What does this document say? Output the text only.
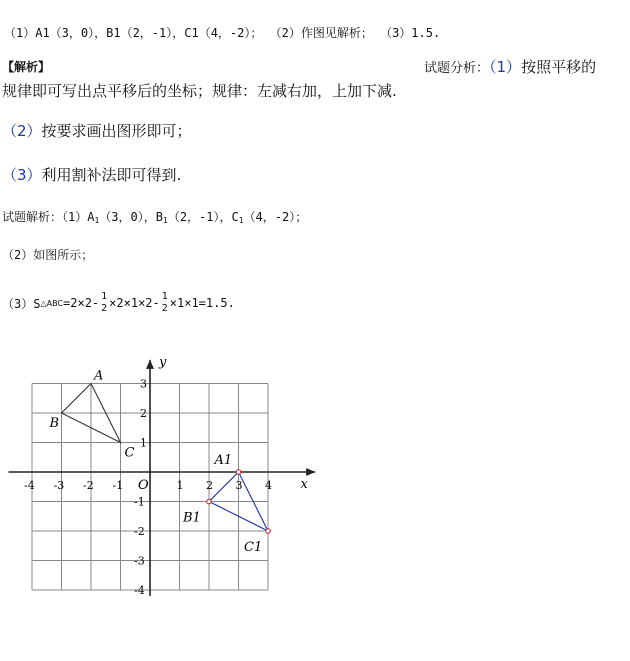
（1）A1（3，0），B1（2，-1），C1（4，-2）； （2）作图见解析； （3）1.5.
【解析】	试题分析：（1）按照平移的
规律即可写出点平移后的坐标；规律：左减右加，上加下减.
（2）按要求画出图形即可；
（3）利用割补法即可得到.
试题解析：$(1)A_1(3$，0），$B_1(2$，-1），$C_1(4$，-2）；
（2）如图所示；
（3）S △ABC =2×2- 1
2 ×2×1×2- 1
2 ×1×1=1.5.
x
y
O
-4 -3 -2 -1	1 2 3 4
3
2
1
-1
-2
-3
-4
A
B
C	A1
B1
C1
